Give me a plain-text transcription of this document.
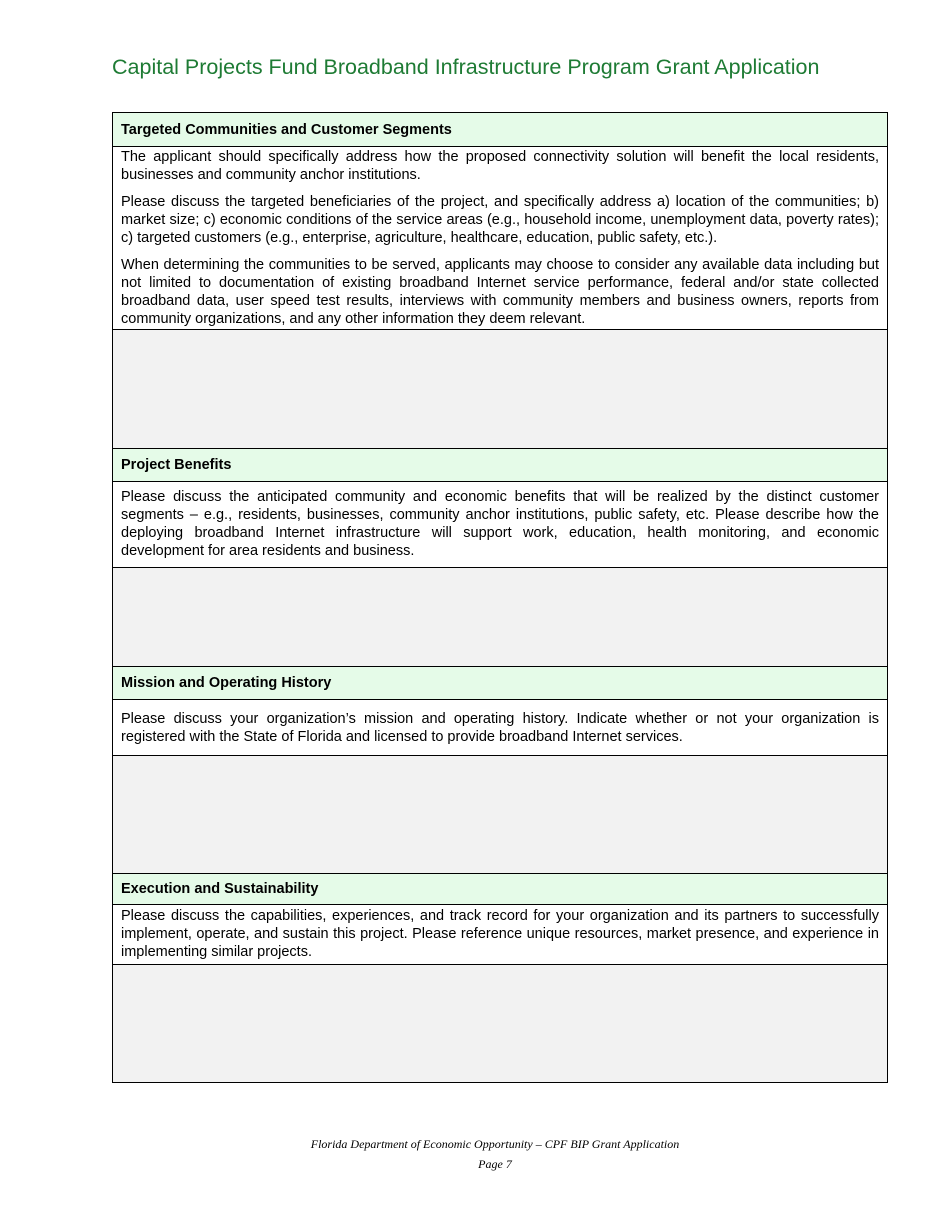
Capital Projects Fund Broadband Infrastructure Program Grant Application
Targeted Communities and Customer Segments

The applicant should specifically address how the proposed connectivity solution will benefit the local residents, businesses and community anchor institutions.

Please discuss the targeted beneficiaries of the project, and specifically address a) location of the communities; b) market size; c) economic conditions of the service areas (e.g., household income, unemployment data, poverty rates); c) targeted customers (e.g., enterprise, agriculture, healthcare, education, public safety, etc.).

When determining the communities to be served, applicants may choose to consider any available data including but not limited to documentation of existing broadband Internet service performance, federal and/or state collected broadband data, user speed test results, interviews with community members and business owners, reports from community organizations, and any other information they deem relevant.

Project Benefits

Please discuss the anticipated community and economic benefits that will be realized by the distinct customer segments – e.g., residents, businesses, community anchor institutions, public safety, etc. Please describe how the deploying broadband Internet infrastructure will support work, education, health monitoring, and economic development for area residents and business.

Mission and Operating History

Please discuss your organization’s mission and operating history. Indicate whether or not your organization is registered with the State of Florida and licensed to provide broadband Internet services.

Execution and Sustainability

Please discuss the capabilities, experiences, and track record for your organization and its partners to successfully implement, operate, and sustain this project. Please reference unique resources, market presence, and experience in implementing similar projects.

Florida Department of Economic Opportunity – CPF BIP Grant Application
Page 7
